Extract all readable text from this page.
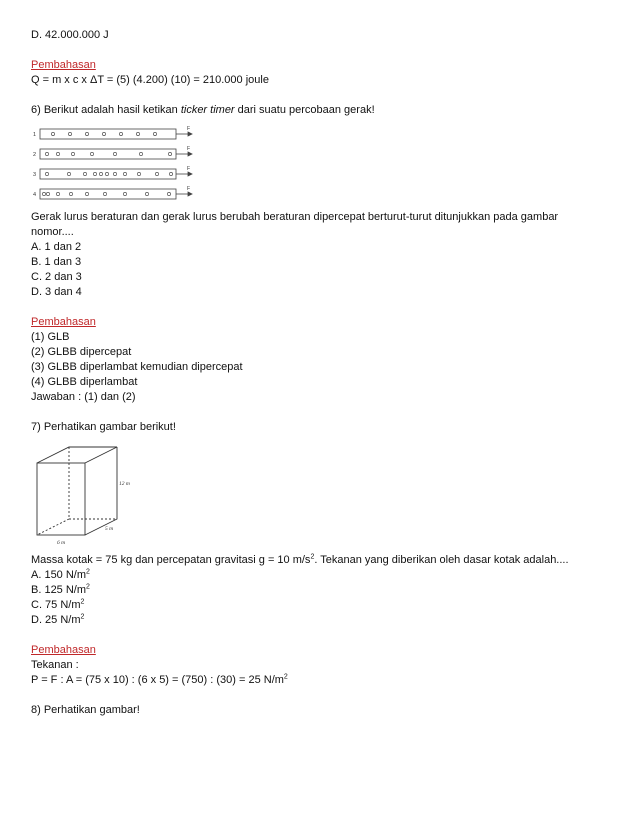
D. 42.000.000 J
Pembahasan
Q = m x c x ΔT = (5) (4.200) (10) = 210.000 joule
6) Berikut adalah hasil ketikan ticker timer dari suatu percobaan gerak!
1
2
3
4
F
F
F
F
Gerak lurus beraturan dan gerak lurus berubah beraturan dipercepat berturut-turut ditunjukkan pada gambar
nomor....
A. 1 dan 2
B. 1 dan 3
C. 2 dan 3
D. 3 dan 4
Pembahasan
(1) GLB
(2) GLBB dipercepat
(3) GLBB diperlambat kemudian dipercepat
(4) GLBB diperlambat
Jawaban : (1) dan (2)
7) Perhatikan gambar berikut!
12 m
5 m
6 m
Massa kotak = 75 kg dan percepatan gravitasi g = 10 $m/s^2$. Tekanan yang diberikan oleh dasar kotak adalah....
A. 150 $N/m^2$
B. 125 $N/m^2$
C. 75 $N/m^2$
D. 25 $N/m^2$
Pembahasan
Tekanan :
P = F : A = (75 x 10) : (6 x 5) = (750) : (30) = 25 $N/m^2$
8) Perhatikan gambar!
